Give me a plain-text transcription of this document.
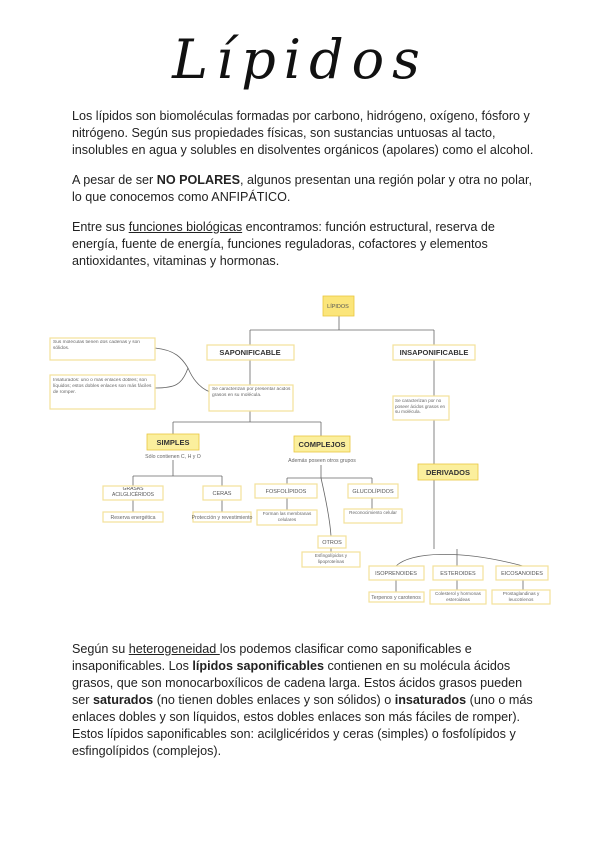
Lípidos

Los lípidos son biomoléculas formadas por carbono, hidrógeno, oxígeno, fósforo y nitrógeno. Según sus propiedades físicas, son sustancias untuosas al tacto, insolubles en agua y solubles en disolventes orgánicos (apolares) como el alcohol.

A pesar de ser NO POLARES, algunos presentan una región polar y otra no polar, lo que conocemos como ANFIPÁTICO.

Entre sus funciones biológicas encontramos: función estructural, reserva de energía, fuente de energía, funciones reguladoras, cofactores y elementos antioxidantes, vitaminas y hormonas.

LÍPIDOS
SAPONIFICABLE	INSAPONIFICABLE
Sus moléculas tienen dos cadenas y son sólidos.
Insaturados: uno o más enlaces dobles; son líquidos; estos dobles enlaces son más fáciles de romper.
Se caracterizan por presentar ácidos grasos en su molécula.
Se caracterizan por no poseer ácidos grasos en su molécula.
SIMPLES
Sólo contienen C, H y O
COMPLEJOS
Además poseen otros grupos
GRASAS ACILGLICÉRIDOS
Reserva energética
CERAS
Protección y revestimiento
FOSFOLÍPIDOS
Forman las membranas celulares
GLUCOLÍPIDOS
Reconocimiento celular
OTROS
Esfingolípidos y lipoproteínas
DERIVADOS
ISOPRENOIDES
Terpenos y carotenos
ESTEROIDES
Colesterol y hormonas esteroideas
EICOSANOIDES
Prostaglandinas y leucotrienos

Según su heterogeneidad los podemos clasificar como saponificables e insaponificables. Los lípidos saponificables contienen en su molécula ácidos grasos, que son monocarboxílicos de cadena larga. Estos ácidos grasos pueden ser saturados (no tienen dobles enlaces y son sólidos) o insaturados (uno o más enlaces dobles y son líquidos, estos dobles enlaces son más fáciles de romper). Estos lípidos saponificables son: acilglicéridos y ceras (simples) o fosfolípidos y esfingolípidos (complejos).
